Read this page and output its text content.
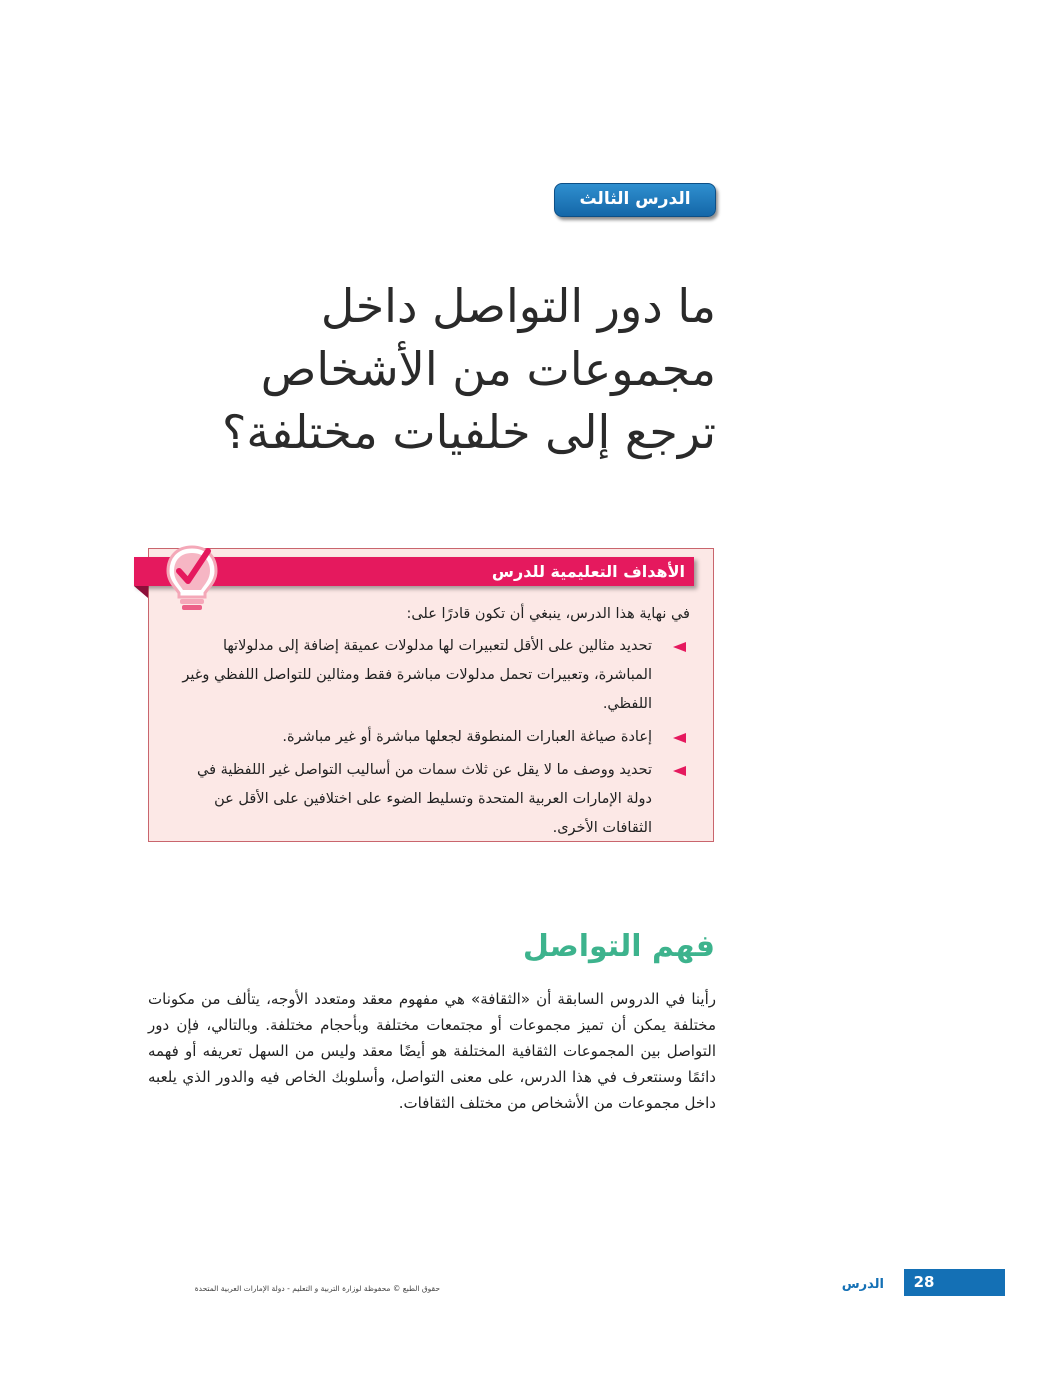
الدرس الثالث
ما دور التواصل داخل
مجموعات من الأشخاص
ترجع إلى خلفيات مختلفة؟
الأهداف التعليمية للدرس

في نهاية هذا الدرس، ينبغي أن تكون قادرًا على:

تحديد مثالين على الأقل لتعبيرات لها مدلولات عميقة إضافة إلى مدلولاتها المباشرة، وتعبيرات تحمل مدلولات مباشرة فقط ومثالين للتواصل اللفظي وغير اللفظي.
إعادة صياغة العبارات المنطوقة لجعلها مباشرة أو غير مباشرة.
تحديد ووصف ما لا يقل عن ثلاث سمات من أساليب التواصل غير اللفظية في دولة الإمارات العربية المتحدة وتسليط الضوء على اختلافين على الأقل عن الثقافات الأخرى.
فهم التواصل

رأينا في الدروس السابقة أن «الثقافة» هي مفهوم معقد ومتعدد الأوجه، يتألف من مكونات مختلفة يمكن أن تميز مجموعات أو مجتمعات مختلفة وبأحجام مختلفة. وبالتالي، فإن دور التواصل بين المجموعات الثقافية المختلفة هو أيضًا معقد وليس من السهل تعريفه أو فهمه دائمًا وسنتعرف في هذا الدرس، على معنى التواصل، وأسلوبك الخاص فيه والدور الذي يلعبه داخل مجموعات من الأشخاص من مختلف الثقافات.

28
الدرس
حقوق الطبع © محفوظة لوزارة التربية و التعليم - دولة الإمارات العربية المتحدة
